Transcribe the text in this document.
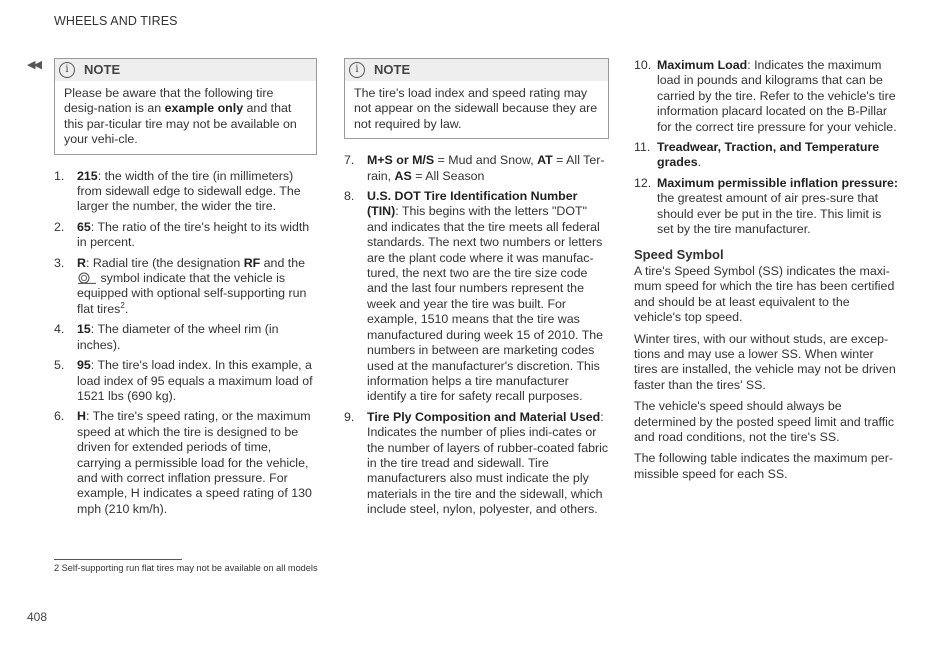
WHEELS AND TIRES
◀◀	i	NOTE
Please be aware that the following tire desig-nation is an example only and that this par-ticular tire may not be available on your vehi-cle.
1. 215: the width of the tire (in millimeters) from sidewall edge to sidewall edge. The larger the number, the wider the tire.
2. 65: The ratio of the tire's height to its width in percent.
3. R: Radial tire (the designation RF and the
symbol indicate that the vehicle is equipped with optional self-supporting run flat tires$^2$.
4. 15: The diameter of the wheel rim (in inches).
5. 95: The tire's load index. In this example, a load index of 95 equals a maximum load of 1521 lbs (690 kg).
6. H: The tire's speed rating, or the maximum speed at which the tire is designed to be driven for extended periods of time, carrying a permissible load for the vehicle, and with correct inflation pressure. For example, H indicates a speed rating of 130 mph (210 km/h).
i	NOTE
The tire's load index and speed rating may not appear on the sidewall because they are not required by law.
7. M+S or M/S = Mud and Snow, AT = All Ter-rain, AS = All Season
8. U.S. DOT Tire Identification Number (TIN): This begins with the letters "DOT" and indicates that the tire meets all federal standards. The next two numbers or letters are the plant code where it was manufac-tured, the next two are the tire size code and the last four numbers represent the week and year the tire was built. For example, 1510 means that the tire was manufactured during week 15 of 2010. The numbers in between are marketing codes used at the manufacturer's discretion. This information helps a tire manufacturer identify a tire for safety recall purposes.
9. Tire Ply Composition and Material Used: Indicates the number of plies indi-cates or the number of layers of rubber-coated fabric in the tire tread and sidewall. Tire manufacturers also must indicate the ply materials in the tire and the sidewall, which include steel, nylon, polyester, and others.
10. Maximum Load: Indicates the maximum load in pounds and kilograms that can be carried by the tire. Refer to the vehicle's tire information placard located on the B-Pillar for the correct tire pressure for your vehicle.
11. Treadwear, Traction, and Temperature grades.
12. Maximum permissible inflation pressure: the greatest amount of air pres-sure that should ever be put in the tire. This limit is set by the tire manufacturer.
Speed Symbol

A tire's Speed Symbol (SS) indicates the maxi-mum speed for which the tire has been certified and should be at least equivalent to the vehicle's top speed.

Winter tires, with our without studs, are excep-tions and may use a lower SS. When winter tires are installed, the vehicle may not be driven faster than the tires' SS.

The vehicle's speed should always be determined by the posted speed limit and traffic and road conditions, not the tire's SS.

The following table indicates the maximum per-missible speed for each SS.

2 Self-supporting run flat tires may not be available on all models
408
